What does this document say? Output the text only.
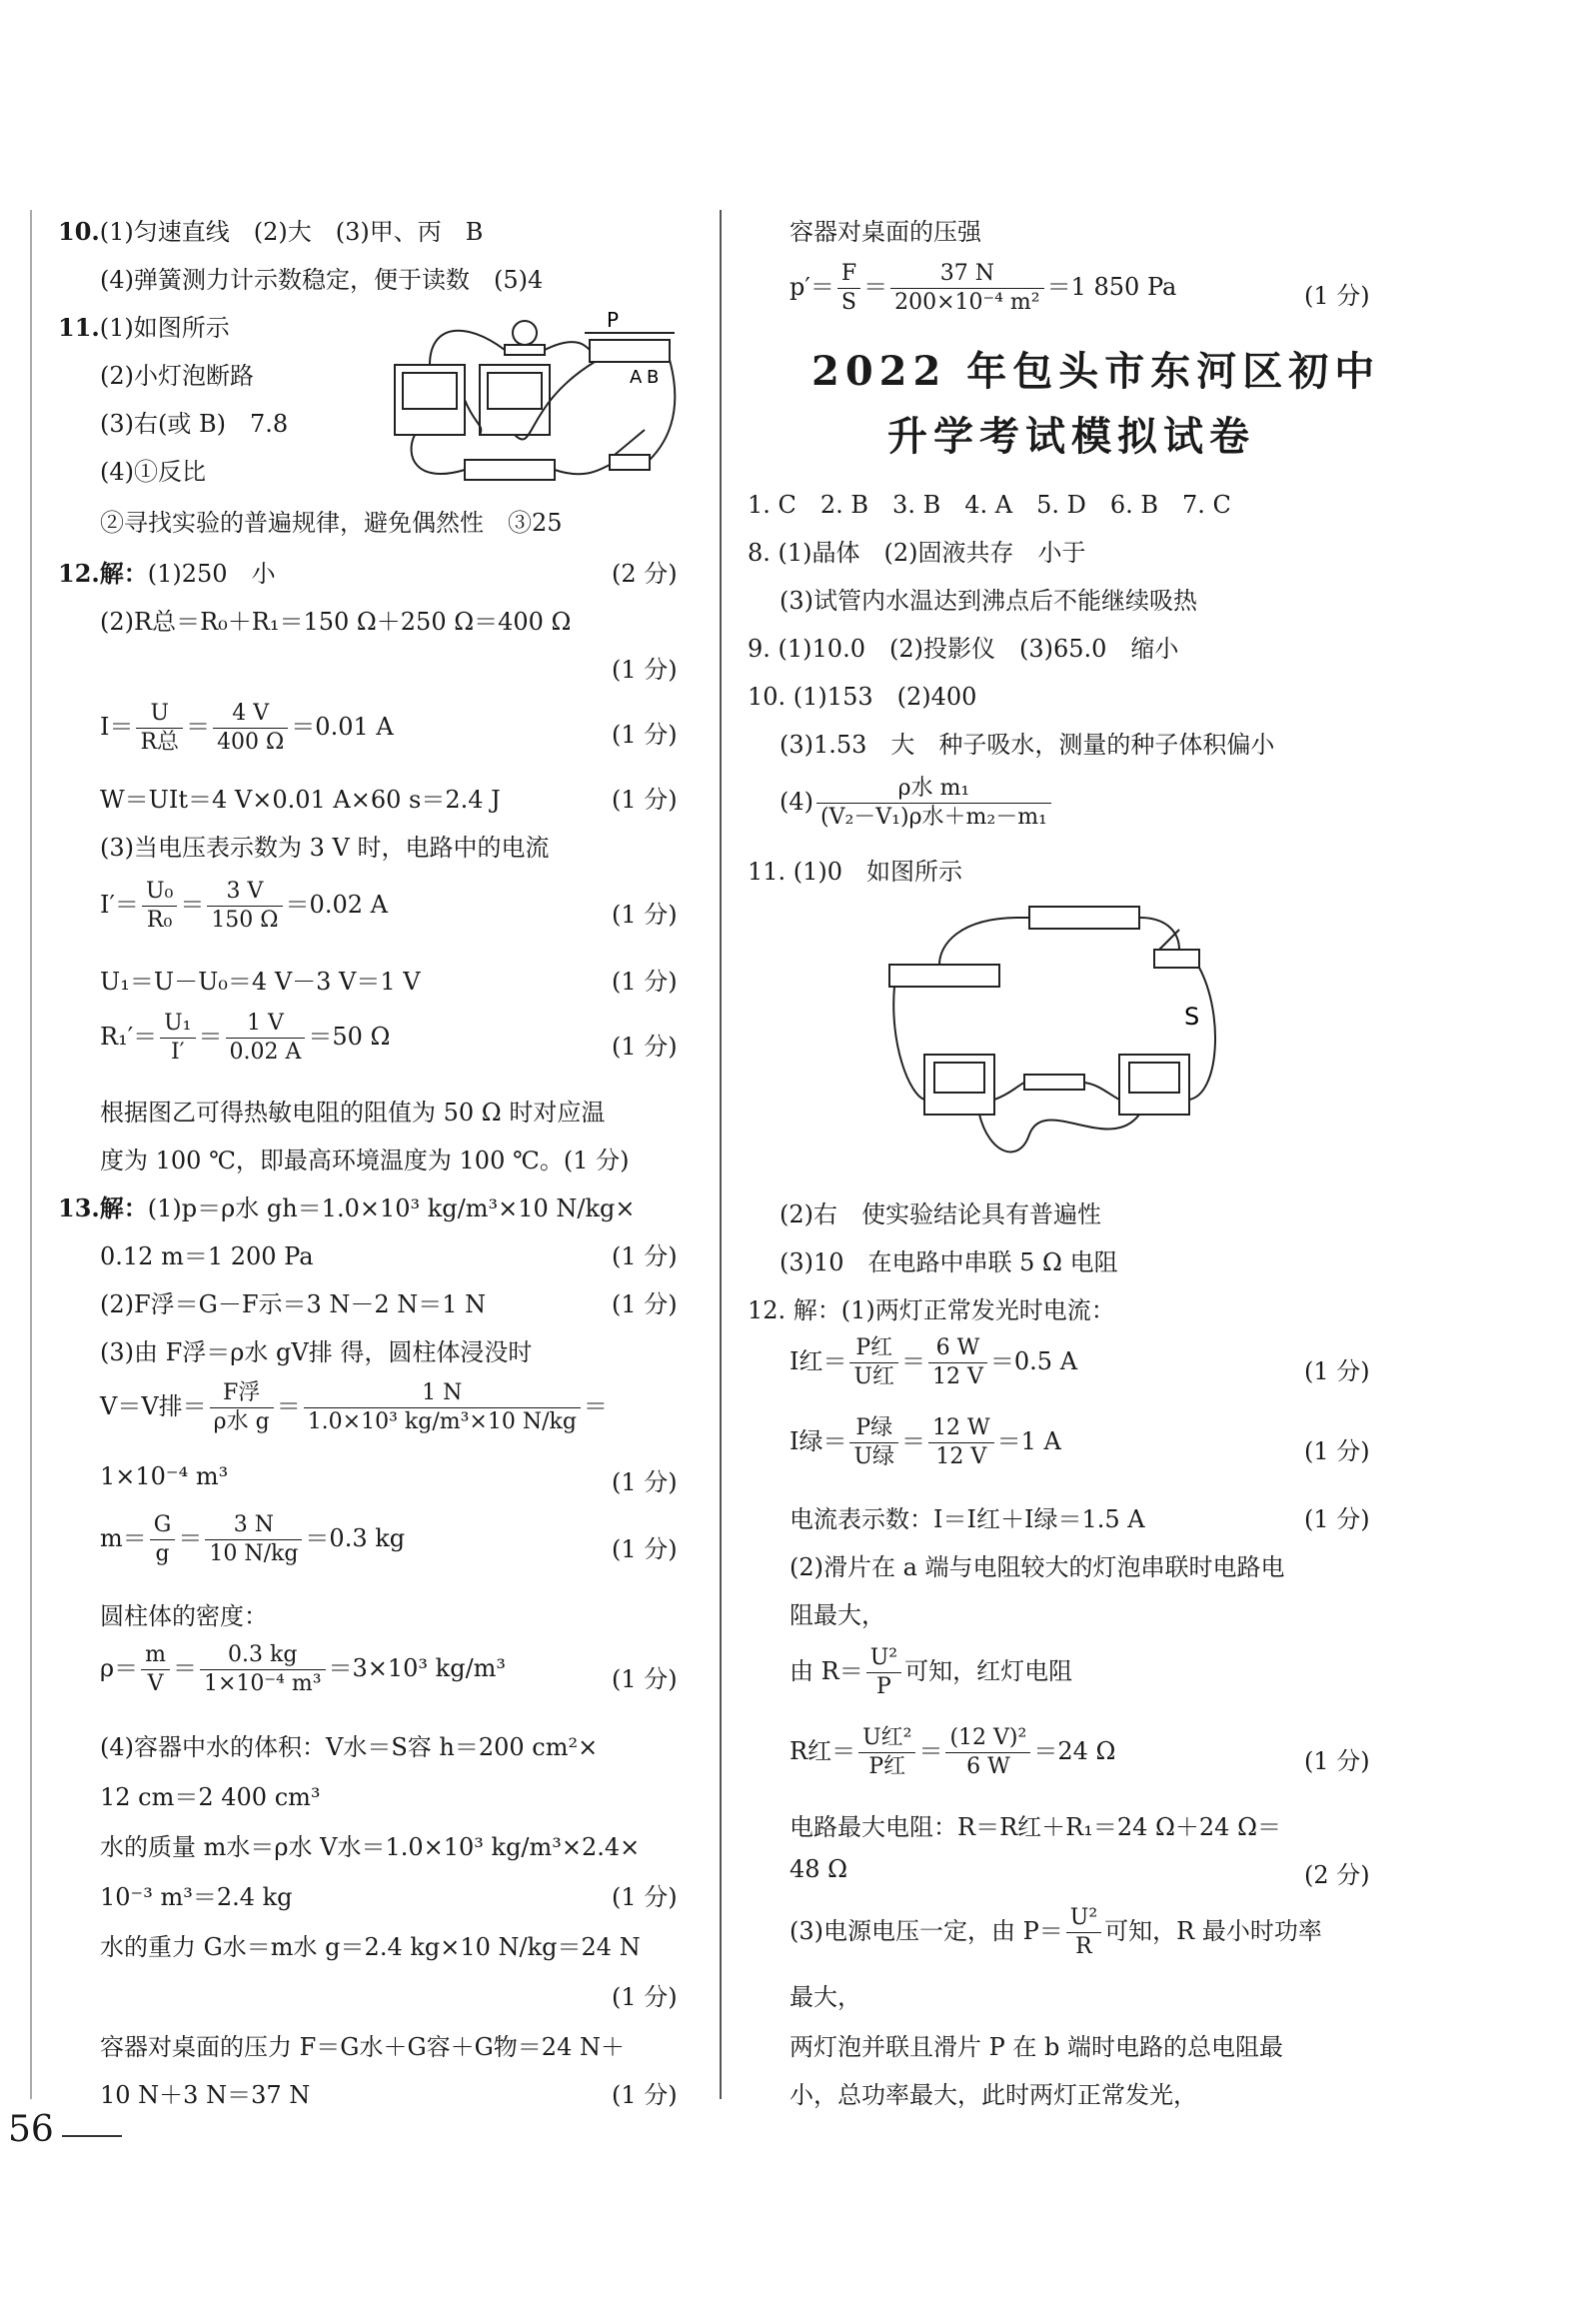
10.(1)匀速直线　(2)大　(3)甲、丙　B
(4)弹簧测力计示数稳定，便于读数　(5)4
11.(1)如图所示
(2)小灯泡断路
(3)右(或 B)　7.8
(4)①反比
②寻找实验的普遍规律，避免偶然性　③25
P
A B
12.解：(1)250　小	(2 分)
(2)R总＝R₀＋R₁＝150 Ω＋250 Ω＝400 Ω
(1 分)
$I= \frac{U}{\text{R总}} = \frac{4 V}{400 \Omega} =0.01$ A	(1 分)
W＝UIt＝4 V×0.01 A×60 s＝2.4 J	(1 分)
(3)当电压表示数为 3 V 时，电路中的电流
$I'= \frac{\text{U₀}}{\text{R₀}} = \frac{3 V}{150 \Omega} =0.02$ A	(1 分)
U₁＝U－U₀＝4 V－3 V＝1 V	(1 分)
$R_1'= \frac{\text{U₁}}{I'} = \frac{1 V}{0.02 A} =50$ Ω	(1 分)
根据图乙可得热敏电阻的阻值为 50 Ω 时对应温
度为 100 ℃，即最高环境温度为 100 ℃。(1 分)
13.解：(1)p＝ρ水 gh＝1.0×10³ kg/m³×10 N/kg×
0.12 m＝1 200 Pa	(1 分)
(2)F浮＝G－F示＝3 N－2 N＝1 N	(1 分)
(3)由 F浮＝ρ水 gV排 得，圆柱体浸没时
V＝V排＝ $\frac{\text{F浮}}{\text{ρ水 g}} = \frac{1 N}{\text{1.0×10³ kg/m³×10 N/kg}}$ ＝
1×10⁻⁴ m³	(1 分)
$m= \frac{G}{g} = \frac{3 N}{10 N/kg} =0.3$ kg	(1 分)
圆柱体的密度：
$\rho= \frac{m}{V} = \frac{0.3 kg}{\text{1×10⁻⁴ m³}} =3\times 10^3$ kg/m³	(1 分)
(4)容器中水的体积：V水＝S容 h＝200 cm²×
12 cm＝2 400 cm³
水的质量 m水＝ρ水 V水＝1.0×10³ kg/m³×2.4×
10⁻³ m³＝2.4 kg	(1 分)
水的重力 G水＝m水 g＝2.4 kg×10 N/kg＝24 N
(1 分)
容器对桌面的压力 F＝G水＋G容＋G物＝24 N＋
10 N＋3 N＝37 N	(1 分)
容器对桌面的压强
$p'= \frac{F}{S} = \frac{37 N}{\text{200×10⁻⁴ m²}} =1$ 850 Pa	(1 分)
2022 年包头市东河区初中
升学考试模拟试卷
1. C　2. B　3. B　4. A　5. D　6. B　7. C
8. (1)晶体　(2)固液共存　小于
(3)试管内水温达到沸点后不能继续吸热
9. (1)10.0　(2)投影仪　(3)65.0　缩小
10. (1)153　(2)400
(3)1.53　大　种子吸水，测量的种子体积偏小
$(4) \frac{\text{ρ水 m₁}}{\text{(V₂－V₁)ρ水＋m₂－m₁}}$
11. (1)0　如图所示
S
(2)右　使实验结论具有普遍性
(3)10　在电路中串联 5 Ω 电阻
12. 解：(1)两灯正常发光时电流：
I红＝ $\frac{\text{P红}}{\text{U红}} = \frac{6 W}{12 V} =0.5$ A	(1 分)
I绿＝ $\frac{\text{P绿}}{\text{U绿}} = \frac{12 W}{12 V} =1$ A	(1 分)
电流表示数：I＝I红＋I绿＝1.5 A	(1 分)
(2)滑片在 a 端与电阻较大的灯泡串联时电路电
阻最大，
由 $R= \frac{\text{U²}}{P}$ 可知，红灯电阻
R红＝ $\frac{\text{U红²}}{\text{P红}} = \frac{\text{(12 V)²}}{6 W} =24$ Ω	(1 分)
电路最大电阻：R＝R红＋R₁＝24 Ω＋24 Ω＝
48 Ω	(2 分)
(3)电源电压一定，由 $P= \frac{\text{U²}}{R}$ 可知，R 最小时功率
最大，
两灯泡并联且滑片 P 在 b 端时电路的总电阻最
小，总功率最大，此时两灯正常发光，
56
